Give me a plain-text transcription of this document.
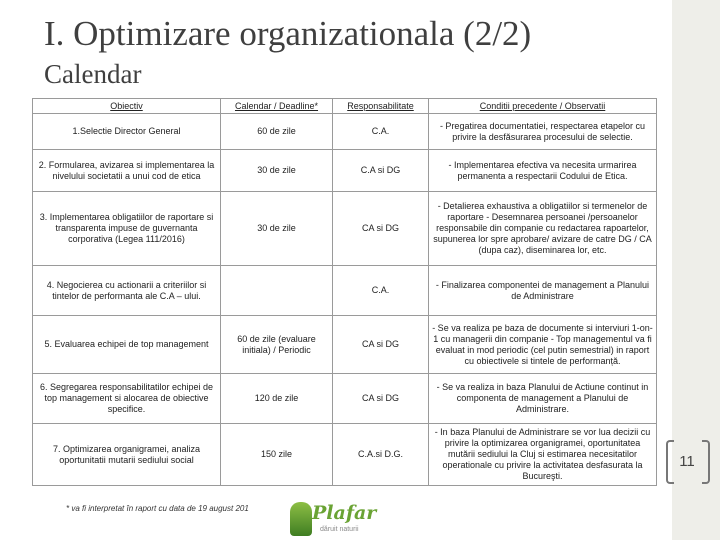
I. Optimizare organizationala (2/2)
Calendar
Obiectiv	Calendar / Deadline*	Responsabilitate	Conditii precedente / Observatii
1.Selectie Director General	60 de zile	C.A.	- Pregatirea documentatiei, respectarea etapelor cu privire la desfăsurarea procesului de selectie.
2. Formularea, avizarea si implementarea la nivelului societatii a unui cod de etica	30 de zile	C.A si DG	- Implementarea efectiva va necesita urmarirea permanenta a respectarii Codului de Etica.
3. Implementarea obligatiilor de raportare si transparenta impuse de guvernanta corporativa (Legea 111/2016)	30 de zile	CA si DG	- Detalierea exhaustiva a obligatiilor si termenelor de raportare - Desemnarea persoanei /persoanelor responsabile din companie cu redactarea rapoartelor, supunerea lor spre aprobare/ avizare de catre DG / CA (dupa caz), diseminarea lor, etc.
4. Negocierea cu actionarii a criteriilor si tintelor de performanta ale C.A – ului.		C.A.	- Finalizarea componentei de management a Planului de Administrare
5. Evaluarea echipei de top management	60 de zile (evaluare initiala) / Periodic	CA si DG	- Se va realiza pe baza de documente si interviuri 1-on-1 cu managerii din companie - Top managementul va fi evaluat in mod periodic (cel putin semestrial) in raport cu obiectivele si tintele de performanță.
6. Segregarea responsabilitatilor echipei de top management si alocarea de obiective specifice.	120 de zile	CA si DG	- Se va realiza in baza Planului de Actiune continut in componenta de management a Planului de Administrare.
7. Optimizarea organigramei, analiza oportunitatii mutarii sediului social	150 zile	C.A.si D.G.	- In baza Planului de Administrare se vor lua decizii cu privire la optimizarea organigramei, oportunitatea mutării sediului la Cluj si estimarea necesitatilor operationale cu privire la activitatea desfasurata la Bucureşti.
* va fi interpretat în raport cu data de 19 august 201	Plafar
dăruit naturii
11
